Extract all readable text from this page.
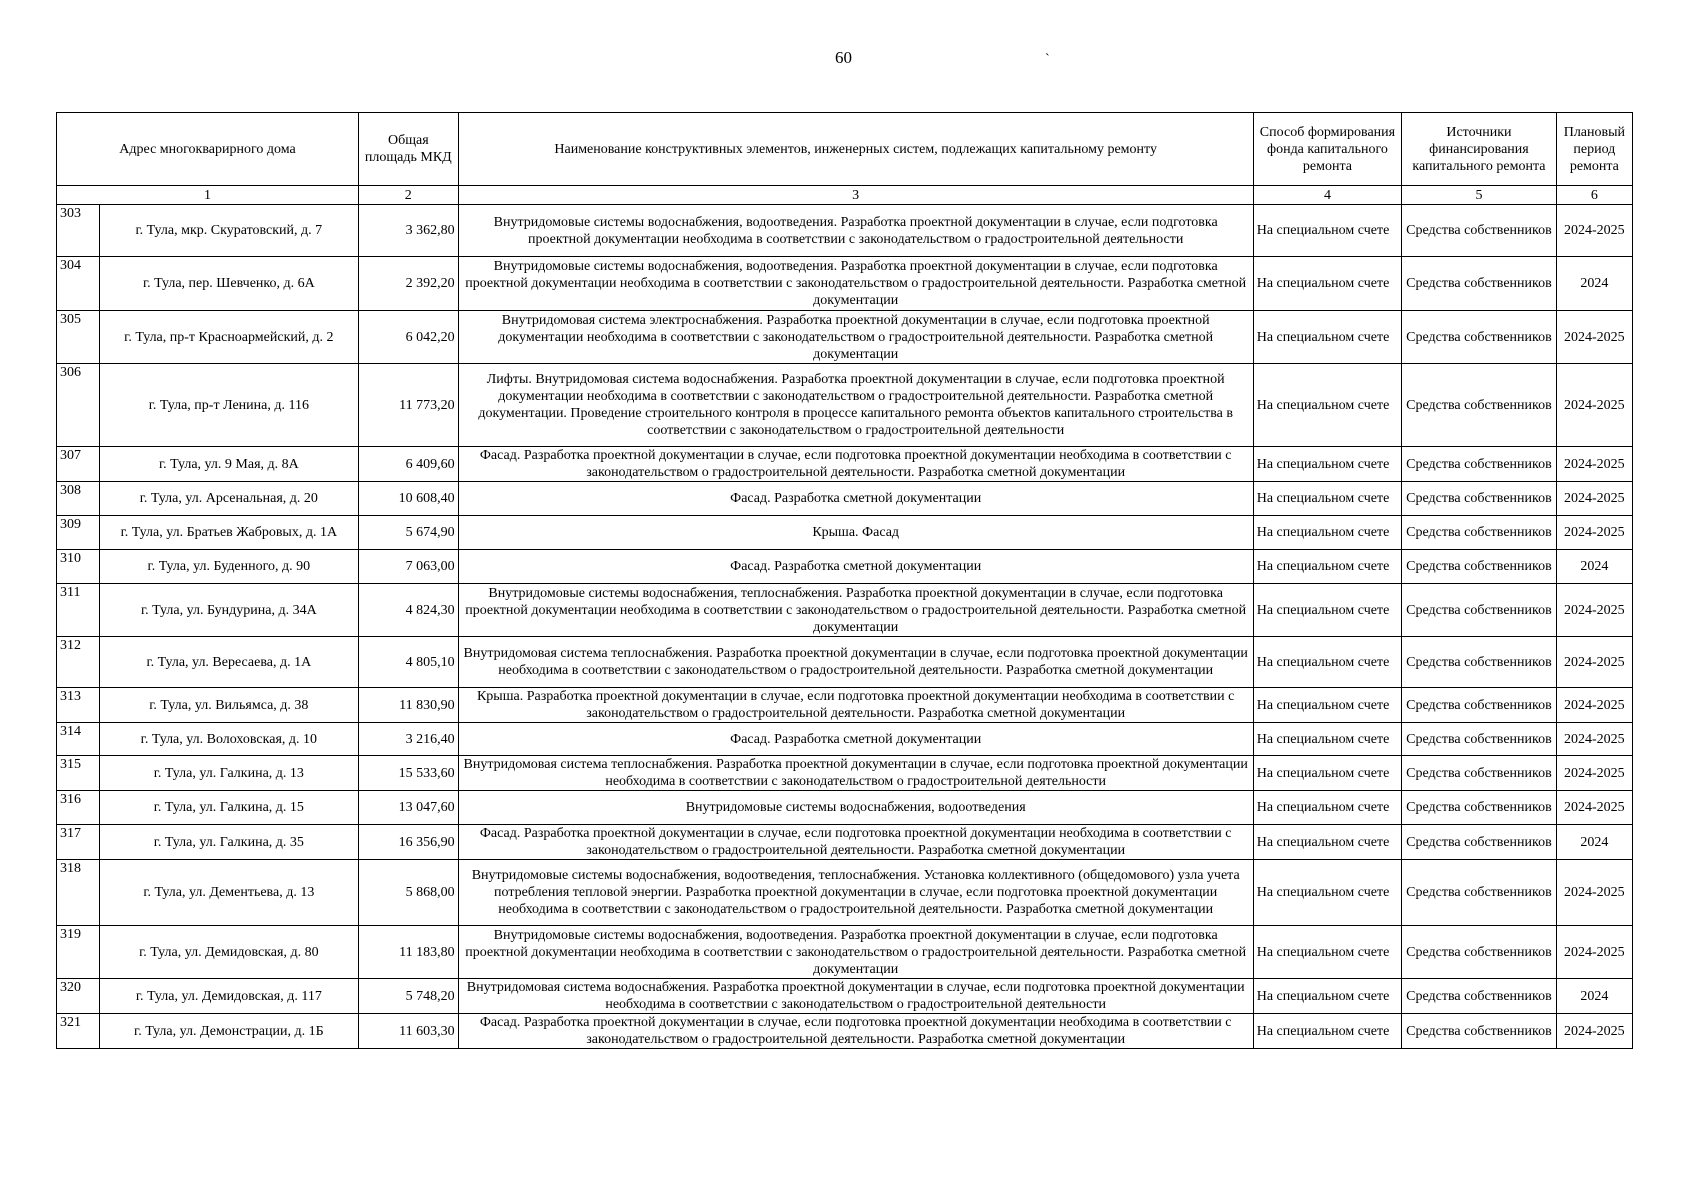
60	`
Адрес многокварирного дома		Общая площадь МКД	Наименование конструктивных элементов, инженерных систем, подлежащих капитальному ремонту	Способ формирования фонда капитального ремонта	Источники финансирования капитального ремонта	Плановый период ремонта
1		2	3	4	5	6
303	г. Тула, мкр. Скуратовский, д. 7	3 362,80	Внутридомовые системы водоснабжения, водоотведения. Разработка проектной документации в случае, если подготовка проектной документации необходима в соответствии с законодательством о градостроительной деятельности	На специальном счете	Средства собственников	2024-2025
304	г. Тула, пер. Шевченко, д. 6А	2 392,20	Внутридомовые системы водоснабжения, водоотведения. Разработка проектной документации в случае, если подготовка проектной документации необходима в соответствии с законодательством о градостроительной деятельности. Разработка сметной документации	На специальном счете	Средства собственников	2024
305	г. Тула, пр-т Красноармейский, д. 2	6 042,20	Внутридомовая система электроснабжения. Разработка проектной документации в случае, если подготовка проектной документации необходима в соответствии с законодательством о градостроительной деятельности. Разработка сметной документации	На специальном счете	Средства собственников	2024-2025
306	г. Тула, пр-т Ленина, д. 116	11 773,20	Лифты. Внутридомовая система водоснабжения. Разработка проектной документации в случае, если подготовка проектной документации необходима в соответствии с законодательством о градостроительной деятельности. Разработка сметной документации. Проведение строительного контроля в процессе капитального ремонта объектов капитального строительства в соответствии с законодательством о градостроительной деятельности	На специальном счете	Средства собственников	2024-2025
307	г. Тула, ул. 9 Мая, д. 8А	6 409,60	Фасад. Разработка проектной документации в случае, если подготовка проектной документации необходима в соответствии с законодательством о градостроительной деятельности. Разработка сметной документации	На специальном счете	Средства собственников	2024-2025
308	г. Тула, ул. Арсенальная, д. 20	10 608,40	Фасад. Разработка сметной документации	На специальном счете	Средства собственников	2024-2025
309	г. Тула, ул. Братьев Жабровых, д. 1А	5 674,90	Крыша. Фасад	На специальном счете	Средства собственников	2024-2025
310	г. Тула, ул. Буденного, д. 90	7 063,00	Фасад. Разработка сметной документации	На специальном счете	Средства собственников	2024
311	г. Тула, ул. Бундурина, д. 34А	4 824,30	Внутридомовые системы водоснабжения, теплоснабжения. Разработка проектной документации в случае, если подготовка проектной документации необходима в соответствии с законодательством о градостроительной деятельности. Разработка сметной документации	На специальном счете	Средства собственников	2024-2025
312	г. Тула, ул. Вересаева, д. 1А	4 805,10	Внутридомовая система теплоснабжения. Разработка проектной документации в случае, если подготовка проектной документации необходима в соответствии с законодательством о градостроительной деятельности. Разработка сметной документации	На специальном счете	Средства собственников	2024-2025
313	г. Тула, ул. Вильямса, д. 38	11 830,90	Крыша. Разработка проектной документации в случае, если подготовка проектной документации необходима в соответствии с законодательством о градостроительной деятельности. Разработка сметной документации	На специальном счете	Средства собственников	2024-2025
314	г. Тула, ул. Волоховская, д. 10	3 216,40	Фасад. Разработка сметной документации	На специальном счете	Средства собственников	2024-2025
315	г. Тула, ул. Галкина, д. 13	15 533,60	Внутридомовая система теплоснабжения. Разработка проектной документации в случае, если подготовка проектной документации необходима в соответствии с законодательством о градостроительной деятельности	На специальном счете	Средства собственников	2024-2025
316	г. Тула, ул. Галкина, д. 15	13 047,60	Внутридомовые системы водоснабжения, водоотведения	На специальном счете	Средства собственников	2024-2025
317	г. Тула, ул. Галкина, д. 35	16 356,90	Фасад. Разработка проектной документации в случае, если подготовка проектной документации необходима в соответствии с законодательством о градостроительной деятельности. Разработка сметной документации	На специальном счете	Средства собственников	2024
318	г. Тула, ул. Дементьева, д. 13	5 868,00	Внутридомовые системы водоснабжения, водоотведения, теплоснабжения. Установка коллективного (общедомового) узла учета потребления тепловой энергии. Разработка проектной документации в случае, если подготовка проектной документации необходима в соответствии с законодательством о градостроительной деятельности. Разработка сметной документации	На специальном счете	Средства собственников	2024-2025
319	г. Тула, ул. Демидовская, д. 80	11 183,80	Внутридомовые системы водоснабжения, водоотведения. Разработка проектной документации в случае, если подготовка проектной документации необходима в соответствии с законодательством о градостроительной деятельности. Разработка сметной документации	На специальном счете	Средства собственников	2024-2025
320	г. Тула, ул. Демидовская, д. 117	5 748,20	Внутридомовая система водоснабжения. Разработка проектной документации в случае, если подготовка проектной документации необходима в соответствии с законодательством о градостроительной деятельности	На специальном счете	Средства собственников	2024
321	г. Тула, ул. Демонстрации, д. 1Б	11 603,30	Фасад. Разработка проектной документации в случае, если подготовка проектной документации необходима в соответствии с законодательством о градостроительной деятельности. Разработка сметной документации	На специальном счете	Средства собственников	2024-2025
